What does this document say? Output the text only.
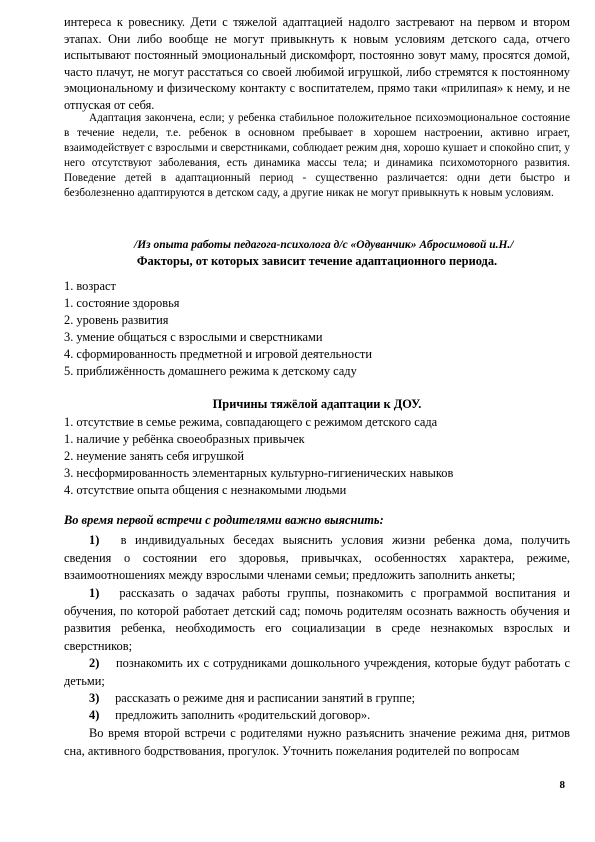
интереса к ровеснику. Дети с тяжелой адаптацией надолго застревают на первом и втором этапах. Они либо вообще не могут привыкнуть к новым условиям детского сада, отчего испытывают постоянный эмоциональный дискомфорт, постоянно зовут маму, просятся домой, часто плачут, не могут расстаться со своей любимой игрушкой, либо стремятся к постоянному эмоциональному и физическому контакту с воспитателем, прямо таки «прилипая» к нему, и не отпуская от себя.

Адаптация закончена, если; у ребенка стабильное положительное психоэмоциональное состояние в течение недели, т.е. ребенок в основном пребывает в хорошем настроении, активно играет, взаимодействует с взрослыми и сверстниками, соблюдает режим дня, хорошо кушает и спокойно спит, у него отсутствуют заболевания, есть динамика массы тела; и динамика психомоторного развития. Поведение детей в адаптационный период - существенно различается: одни дети быстро и безболезненно адаптируются в детском саду, а другие никак не могут привыкнуть к новым условиям.

/Из опыта работы педагога-психолога д/с «Одуванчик» Абросимовой и.Н./
Факторы, от которых зависит течение адаптационного периода.
1. возраст
1. состояние здоровья
2. уровень развития
3. умение общаться с взрослыми и сверстниками
4. сформированность предметной и игровой деятельности
5. приближённость домашнего режима к детскому саду
Причины тяжёлой адаптации к ДОУ.
1. отсутствие в семье режима, совпадающего с режимом детского сада
1. наличие у ребёнка своеобразных привычек
2. неумение занять себя игрушкой
3. несформированность элементарных культурно-гигиенических навыков
4. отсутствие опыта общения с незнакомыми людьми
Во время первой встречи с родителями важно выяснить:

1) в индивидуальных беседах выяснить условия жизни ребенка дома, получить сведения о состоянии его здоровья, привычках, особенностях характера, режиме, взаимоотношениях между взрослыми членами семьи; предложить заполнить анкеты;

1) рассказать о задачах работы группы, познакомить с программой воспитания и обучения, по которой работает детский сад; помочь родителям осознать важность обучения и развития ребенка, необходимость его социализации в среде незнакомых взрослых и сверстников;

2) познакомить их с сотрудниками дошкольного учреждения, которые будут работать с детьми;

3) рассказать о режиме дня и расписании занятий в группе;

4) предложить заполнить «родительский договор».

Во время второй встречи с родителями нужно разъяснить значение режима дня, ритмов сна, активного бодрствования, прогулок. Уточнить пожелания родителей по вопросам

8
